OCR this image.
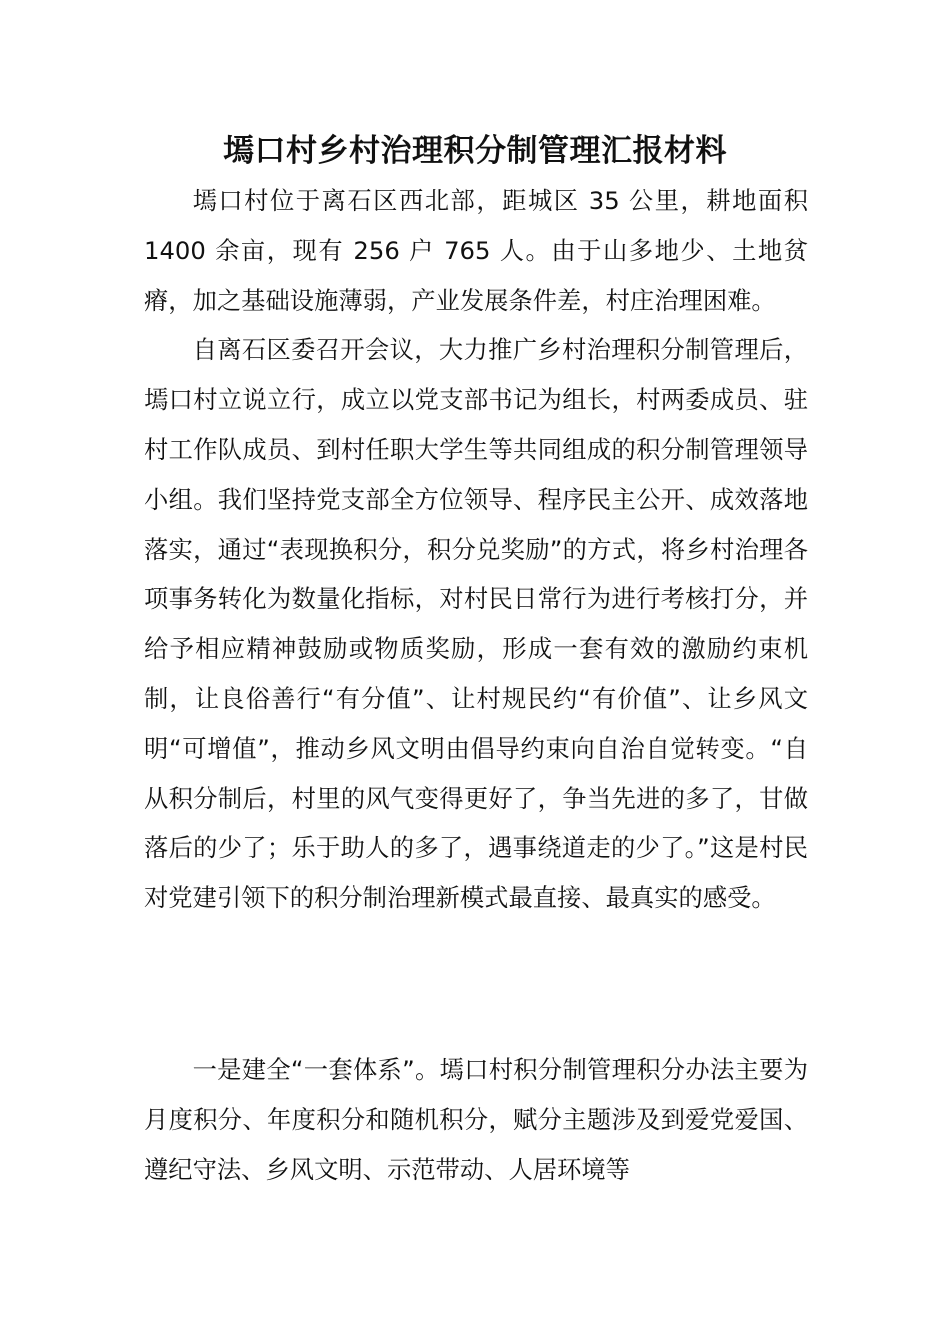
墕口村乡村治理积分制管理汇报材料

墕口村位于离石区西北部，距城区 35 公里，耕地面积 1400 余亩，现有 256 户 765 人。由于山多地少、土地贫瘠，加之基础设施薄弱，产业发展条件差，村庄治理困难。

自离石区委召开会议，大力推广乡村治理积分制管理后，墕口村立说立行，成立以党支部书记为组长，村两委成员、驻村工作队成员、到村任职大学生等共同组成的积分制管理领导小组。我们坚持党支部全方位领导、程序民主公开、成效落地落实，通过“表现换积分，积分兑奖励”的方式，将乡村治理各项事务转化为数量化指标，对村民日常行为进行考核打分，并给予相应精神鼓励或物质奖励，形成一套有效的激励约束机制，让良俗善行“有分值”、让村规民约“有价值”、让乡风文明“可增值”，推动乡风文明由倡导约束向自治自觉转变。“自从积分制后，村里的风气变得更好了，争当先进的多了，甘做落后的少了；乐于助人的多了，遇事绕道走的少了。”这是村民对党建引领下的积分制治理新模式最直接、最真实的感受。

一是建全“一套体系”。墕口村积分制管理积分办法主要为月度积分、年度积分和随机积分，赋分主题涉及到爱党爱国、遵纪守法、乡风文明、示范带动、人居环境等
